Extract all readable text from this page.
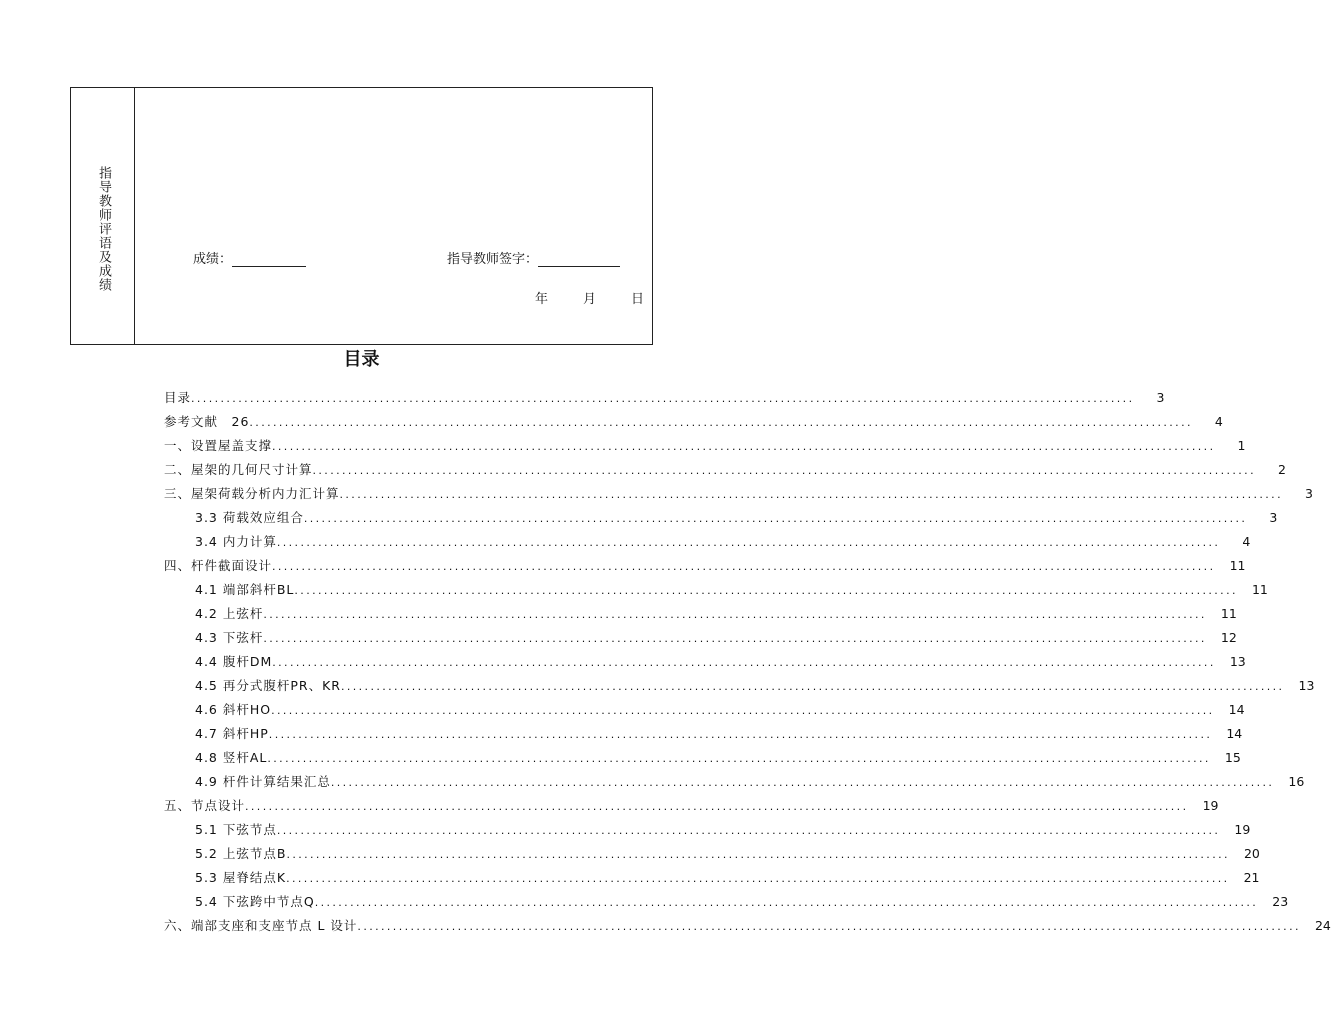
指导教师评语及成绩	成绩：	指导教师签字：
年	月	日
目录
目录 ................................................................................................................................................................	3
参考文献　26 ................................................................................................................................................................	4
一、设置屋盖支撑 ................................................................................................................................................................	1
二、屋架的几何尺寸计算 ................................................................................................................................................................	2
三、屋架荷载分析内力汇计算 ................................................................................................................................................................	3
3.3 荷载效应组合 ................................................................................................................................................................	3
3.4 内力计算 ................................................................................................................................................................	4
四、杆件截面设计 ................................................................................................................................................................	11
4.1 端部斜杆BL ................................................................................................................................................................	11
4.2 上弦杆 ................................................................................................................................................................	11
4.3 下弦杆 ................................................................................................................................................................	12
4.4 腹杆DM ................................................................................................................................................................	13
4.5 再分式腹杆PR、KR ................................................................................................................................................................	13
4.6 斜杆HO ................................................................................................................................................................	14
4.7 斜杆HP ................................................................................................................................................................	14
4.8 竖杆AL ................................................................................................................................................................	15
4.9 杆件计算结果汇总 ................................................................................................................................................................	16
五、节点设计 ................................................................................................................................................................	19
5.1 下弦节点 ................................................................................................................................................................	19
5.2 上弦节点B ................................................................................................................................................................	20
5.3 屋脊结点K ................................................................................................................................................................	21
5.4 下弦跨中节点Q ................................................................................................................................................................	23
六、端部支座和支座节点 L 设计 ................................................................................................................................................................	24
